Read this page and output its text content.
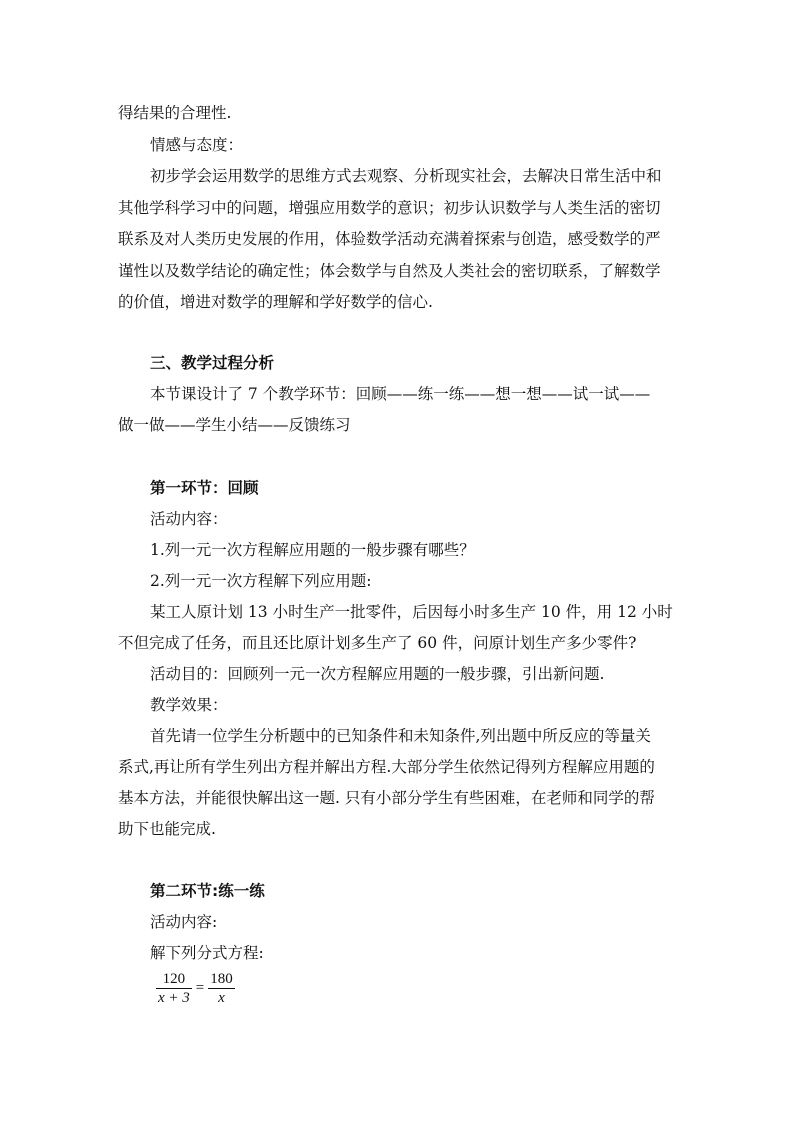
得结果的合理性.
情感与态度：
初步学会运用数学的思维方式去观察、分析现实社会，去解决日常生活中和
其他学科学习中的问题，增强应用数学的意识；初步认识数学与人类生活的密切
联系及对人类历史发展的作用，体验数学活动充满着探索与创造，感受数学的严
谨性以及数学结论的确定性；体会数学与自然及人类社会的密切联系，了解数学
的价值，增进对数学的理解和学好数学的信心.
三、教学过程分析
本节课设计了 7 个教学环节：回顾——练一练——想一想——试一试——
做一做——学生小结——反馈练习
第一环节：回顾
活动内容：
1.列一元一次方程解应用题的一般步骤有哪些？
2.列一元一次方程解下列应用题:
某工人原计划 13 小时生产一批零件，后因每小时多生产 10 件，用 12 小时
不但完成了任务，而且还比原计划多生产了 60 件，问原计划生产多少零件?
活动目的：回顾列一元一次方程解应用题的一般步骤，引出新问题.
教学效果：
首先请一位学生分析题中的已知条件和未知条件,列出题中所反应的等量关
系式,再让所有学生列出方程并解出方程.大部分学生依然记得列方程解应用题的
基本方法，并能很快解出这一题. 只有小部分学生有些困难，在老师和同学的帮
助下也能完成.
第二环节:练一练
活动内容:
解下列分式方程:
$\frac{120}{x + 3} = \frac{180}{x}$
